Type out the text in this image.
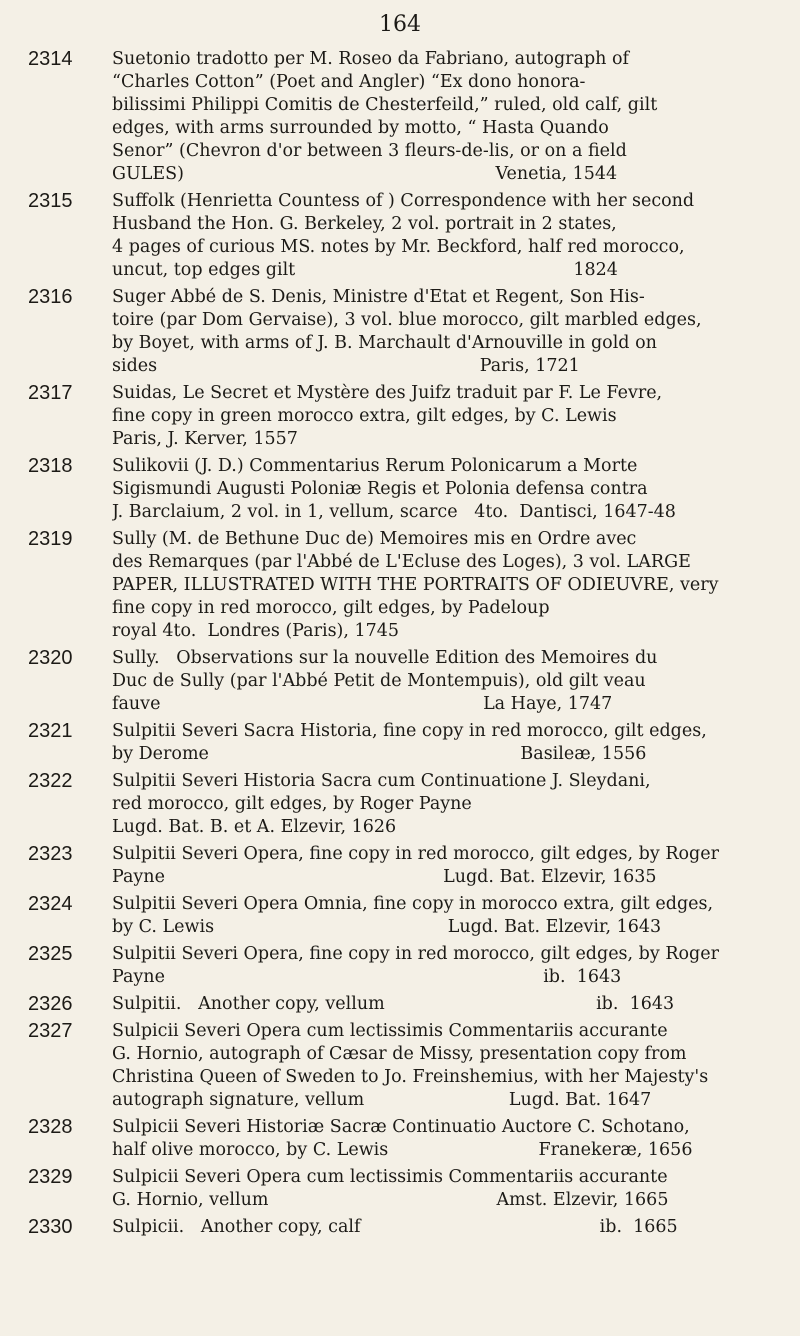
164
2314 Suetonio tradotto per M. Roseo da Fabriano, autograph of
“Charles Cotton” (Poet and Angler) “Ex dono honora-
bilissimi Philippi Comitis de Chesterfeild,” ruled, old calf, gilt
edges, with arms surrounded by motto, “ Hasta Quando
Senor” (Chevron d'or between 3 fleurs-de-lis, or on a field
GULES)                                                        Venetia, 1544
2315 Suffolk (Henrietta Countess of ) Correspondence with her second
Husband the Hon. G. Berkeley, 2 vol. portrait in 2 states,
4 pages of curious MS. notes by Mr. Beckford, half red morocco,
uncut, top edges gilt                                                  1824
2316 Suger Abbé de S. Denis, Ministre d'Etat et Regent, Son His-
toire (par Dom Gervaise), 3 vol. blue morocco, gilt marbled edges,
by Boyet, with arms of J. B. Marchault d'Arnouville in gold on
sides                                                          Paris, 1721
2317 Suidas, Le Secret et Mystère des Juifz traduit par F. Le Fevre,
fine copy in green morocco extra, gilt edges, by C. Lewis
Paris, J. Kerver, 1557
2318 Sulikovii (J. D.) Commentarius Rerum Polonicarum a Morte
Sigismundi Augusti Poloniæ Regis et Polonia defensa contra
J. Barclaium, 2 vol. in 1, vellum, scarce   4to.  Dantisci, 1647-48
2319 Sully (M. de Bethune Duc de) Memoires mis en Ordre avec
des Remarques (par l'Abbé de L'Ecluse des Loges), 3 vol. LARGE
PAPER, ILLUSTRATED WITH THE PORTRAITS OF ODIEUVRE, very
fine copy in red morocco, gilt edges, by Padeloup
royal 4to.  Londres (Paris), 1745
2320 Sully.   Observations sur la nouvelle Edition des Memoires du
Duc de Sully (par l'Abbé Petit de Montempuis), old gilt veau
fauve                                                          La Haye, 1747
2321 Sulpitii Severi Sacra Historia, fine copy in red morocco, gilt edges,
by Derome                                                        Basileæ, 1556
2322 Sulpitii Severi Historia Sacra cum Continuatione J. Sleydani,
red morocco, gilt edges, by Roger Payne
Lugd. Bat. B. et A. Elzevir, 1626
2323 Sulpitii Severi Opera, fine copy in red morocco, gilt edges, by Roger
Payne                                                  Lugd. Bat. Elzevir, 1635
2324 Sulpitii Severi Opera Omnia, fine copy in morocco extra, gilt edges,
by C. Lewis                                          Lugd. Bat. Elzevir, 1643
2325 Sulpitii Severi Opera, fine copy in red morocco, gilt edges, by Roger
Payne                                                                    ib.  1643
2326 Sulpitii.   Another copy, vellum                                      ib.  1643
2327 Sulpicii Severi Opera cum lectissimis Commentariis accurante
G. Hornio, autograph of Cæsar de Missy, presentation copy from
Christina Queen of Sweden to Jo. Freinshemius, with her Majesty's
autograph signature, vellum                          Lugd. Bat. 1647
2328 Sulpicii Severi Historiæ Sacræ Continuatio Auctore C. Schotano,
half olive morocco, by C. Lewis                           Franekeræ, 1656
2329 Sulpicii Severi Opera cum lectissimis Commentariis accurante
G. Hornio, vellum                                         Amst. Elzevir, 1665
2330 Sulpicii.   Another copy, calf                                           ib.  1665
